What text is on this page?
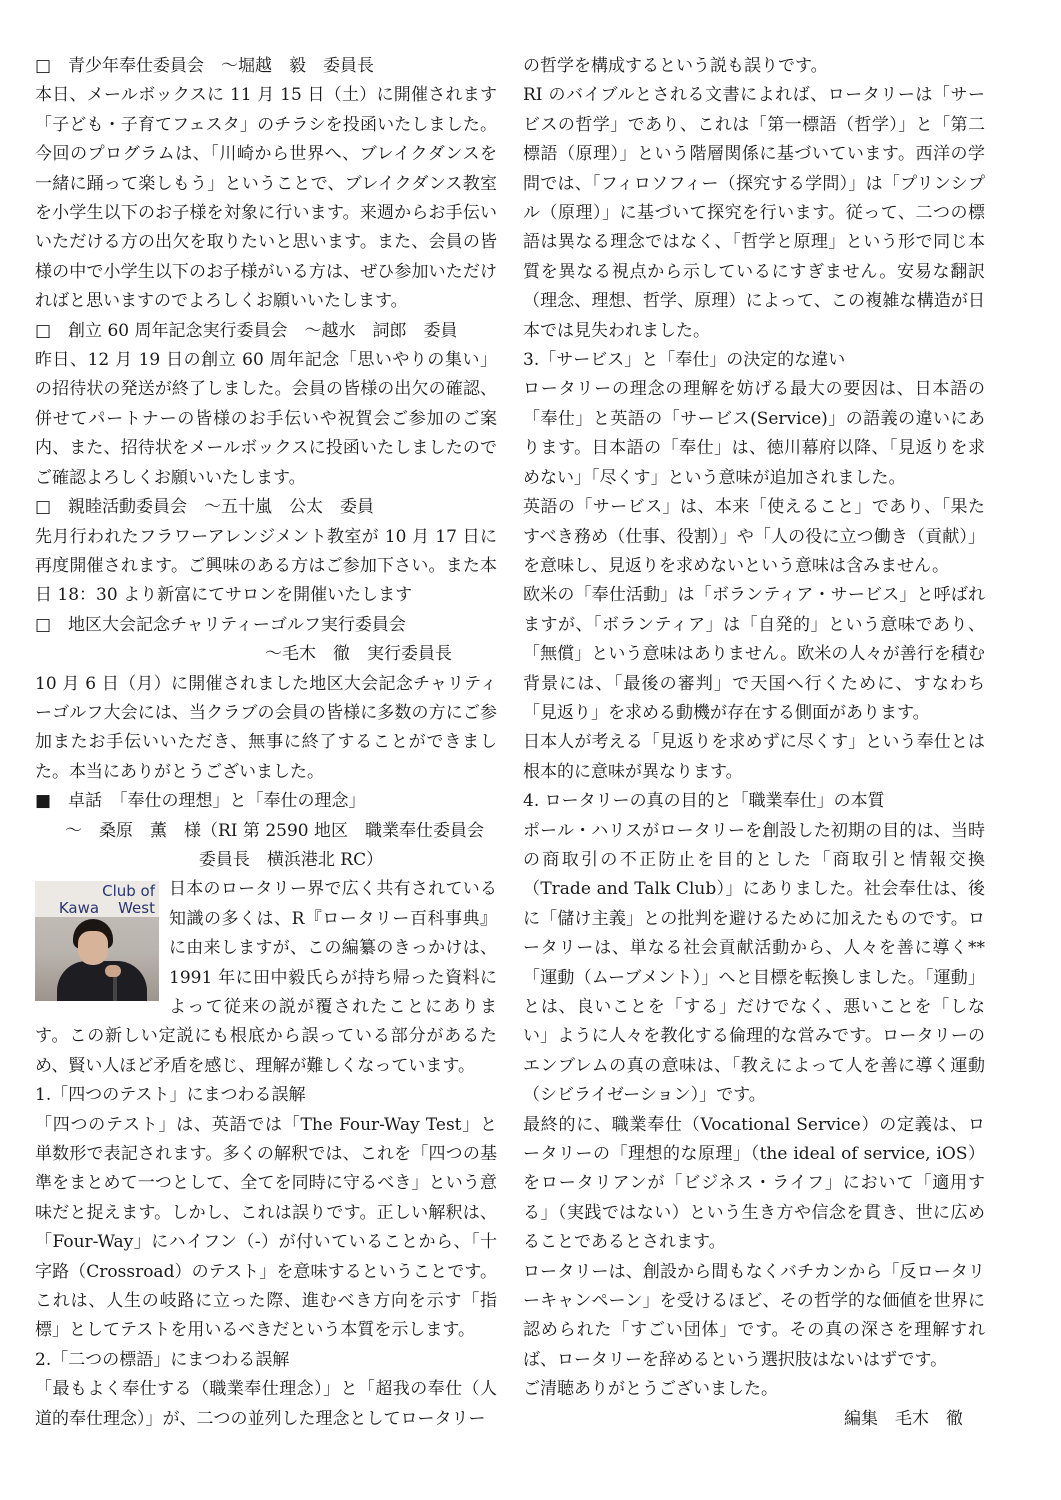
□　青少年奉仕委員会　〜堀越　毅　委員長

本日、メールボックスに 11 月 15 日（土）に開催されます「子ども・子育てフェスタ」のチラシを投函いたしました。今回のプログラムは、「川崎から世界へ、ブレイクダンスを一緒に踊って楽しもう」ということで、ブレイクダンス教室を小学生以下のお子様を対象に行います。来週からお手伝いいただける方の出欠を取りたいと思います。また、会員の皆様の中で小学生以下のお子様がいる方は、ぜひ参加いただければと思いますのでよろしくお願いいたします。

□　創立 60 周年記念実行委員会　〜越水　詞郎　委員

昨日、12 月 19 日の創立 60 周年記念「思いやりの集い」の招待状の発送が終了しました。会員の皆様の出欠の確認、併せてパートナーの皆様のお手伝いや祝賀会ご参加のご案内、また、招待状をメールボックスに投函いたしましたのでご確認よろしくお願いいたします。

□　親睦活動委員会　〜五十嵐　公太　委員

先月行われたフラワーアレンジメント教室が 10 月 17 日に再度開催されます。ご興味のある方はご参加下さい。また本日 18：30 より新富にてサロンを開催いたします

□　地区大会記念チャリティーゴルフ実行委員会

〜毛木　徹　実行委員長

10 月 6 日（月）に開催されました地区大会記念チャリティーゴルフ大会には、当クラブの会員の皆様に多数の方にご参加またお手伝いいただき、無事に終了することができました。本当にありがとうございました。

■　卓話　「奉仕の理想」と「奉仕の理念」

〜　桑原　薫　様（RI 第 2590 地区　職業奉仕委員会

委員長　横浜港北 RC）

Club of
Kawa    West

日本のロータリー界で広く共有されている知識の多くは、R『ロータリー百科事典』に由来しますが、この編纂のきっかけは、1991 年に田中毅氏らが持ち帰った資料によって従来の説が覆されたことにあります。この新しい定説にも根底から誤っている部分があるため、賢い人ほど矛盾を感じ、理解が難しくなっています。

1.「四つのテスト」にまつわる誤解

「四つのテスト」は、英語では「The Four-Way Test」と単数形で表記されます。多くの解釈では、これを「四つの基準をまとめて一つとして、全てを同時に守るべき」という意味だと捉えます。しかし、これは誤りです。正しい解釈は、「Four-Way」にハイフン（-）が付いていることから、「十字路（Crossroad）のテスト」を意味するということです。これは、人生の岐路に立った際、進むべき方向を示す「指標」としてテストを用いるべきだという本質を示します。

2.「二つの標語」にまつわる誤解

「最もよく奉仕する（職業奉仕理念）」と「超我の奉仕（人道的奉仕理念）」が、二つの並列した理念としてロータリー

の哲学を構成するという説も誤りです。

RI のバイブルとされる文書によれば、ロータリーは「サービスの哲学」であり、これは「第一標語（哲学）」と「第二標語（原理）」という階層関係に基づいています。西洋の学問では、「フィロソフィー（探究する学問）」は「プリンシプル（原理）」に基づいて探究を行います。従って、二つの標語は異なる理念ではなく、「哲学と原理」という形で同じ本質を異なる視点から示しているにすぎません。安易な翻訳（理念、理想、哲学、原理）によって、この複雑な構造が日本では見失われました。

3.「サービス」と「奉仕」の決定的な違い

ロータリーの理念の理解を妨げる最大の要因は、日本語の「奉仕」と英語の「サービス(Service)」の語義の違いにあります。日本語の「奉仕」は、徳川幕府以降、「見返りを求めない」「尽くす」という意味が追加されました。

英語の「サービス」は、本来「使えること」であり、「果たすべき務め（仕事、役割）」や「人の役に立つ働き（貢献）」を意味し、見返りを求めないという意味は含みません。

欧米の「奉仕活動」は「ボランティア・サービス」と呼ばれますが、「ボランティア」は「自発的」という意味であり、「無償」という意味はありません。欧米の人々が善行を積む背景には、「最後の審判」で天国へ行くために、すなわち「見返り」を求める動機が存在する側面があります。

日本人が考える「見返りを求めずに尽くす」という奉仕とは根本的に意味が異なります。

4. ロータリーの真の目的と「職業奉仕」の本質

ポール・ハリスがロータリーを創設した初期の目的は、当時の商取引の不正防止を目的とした「商取引と情報交換（Trade and Talk Club）」にありました。社会奉仕は、後に「儲け主義」との批判を避けるために加えたものです。ロータリーは、単なる社会貢献活動から、人々を善に導く**「運動（ムーブメント）」へと目標を転換しました。「運動」とは、良いことを「する」だけでなく、悪いことを「しない」ように人々を教化する倫理的な営みです。ロータリーのエンブレムの真の意味は、「教えによって人を善に導く運動（シビライゼーション）」です。

最終的に、職業奉仕（Vocational Service）の定義は、ロータリーの「理想的な原理」（the ideal of service, iOS）をロータリアンが「ビジネス・ライフ」において「適用する」（実践ではない）という生き方や信念を貫き、世に広めることであるとされます。

ロータリーは、創設から間もなくバチカンから「反ロータリーキャンペーン」を受けるほど、その哲学的な価値を世界に認められた「すごい団体」です。その真の深さを理解すれば、ロータリーを辞めるという選択肢はないはずです。

ご清聴ありがとうございました。

編集　毛木　徹
